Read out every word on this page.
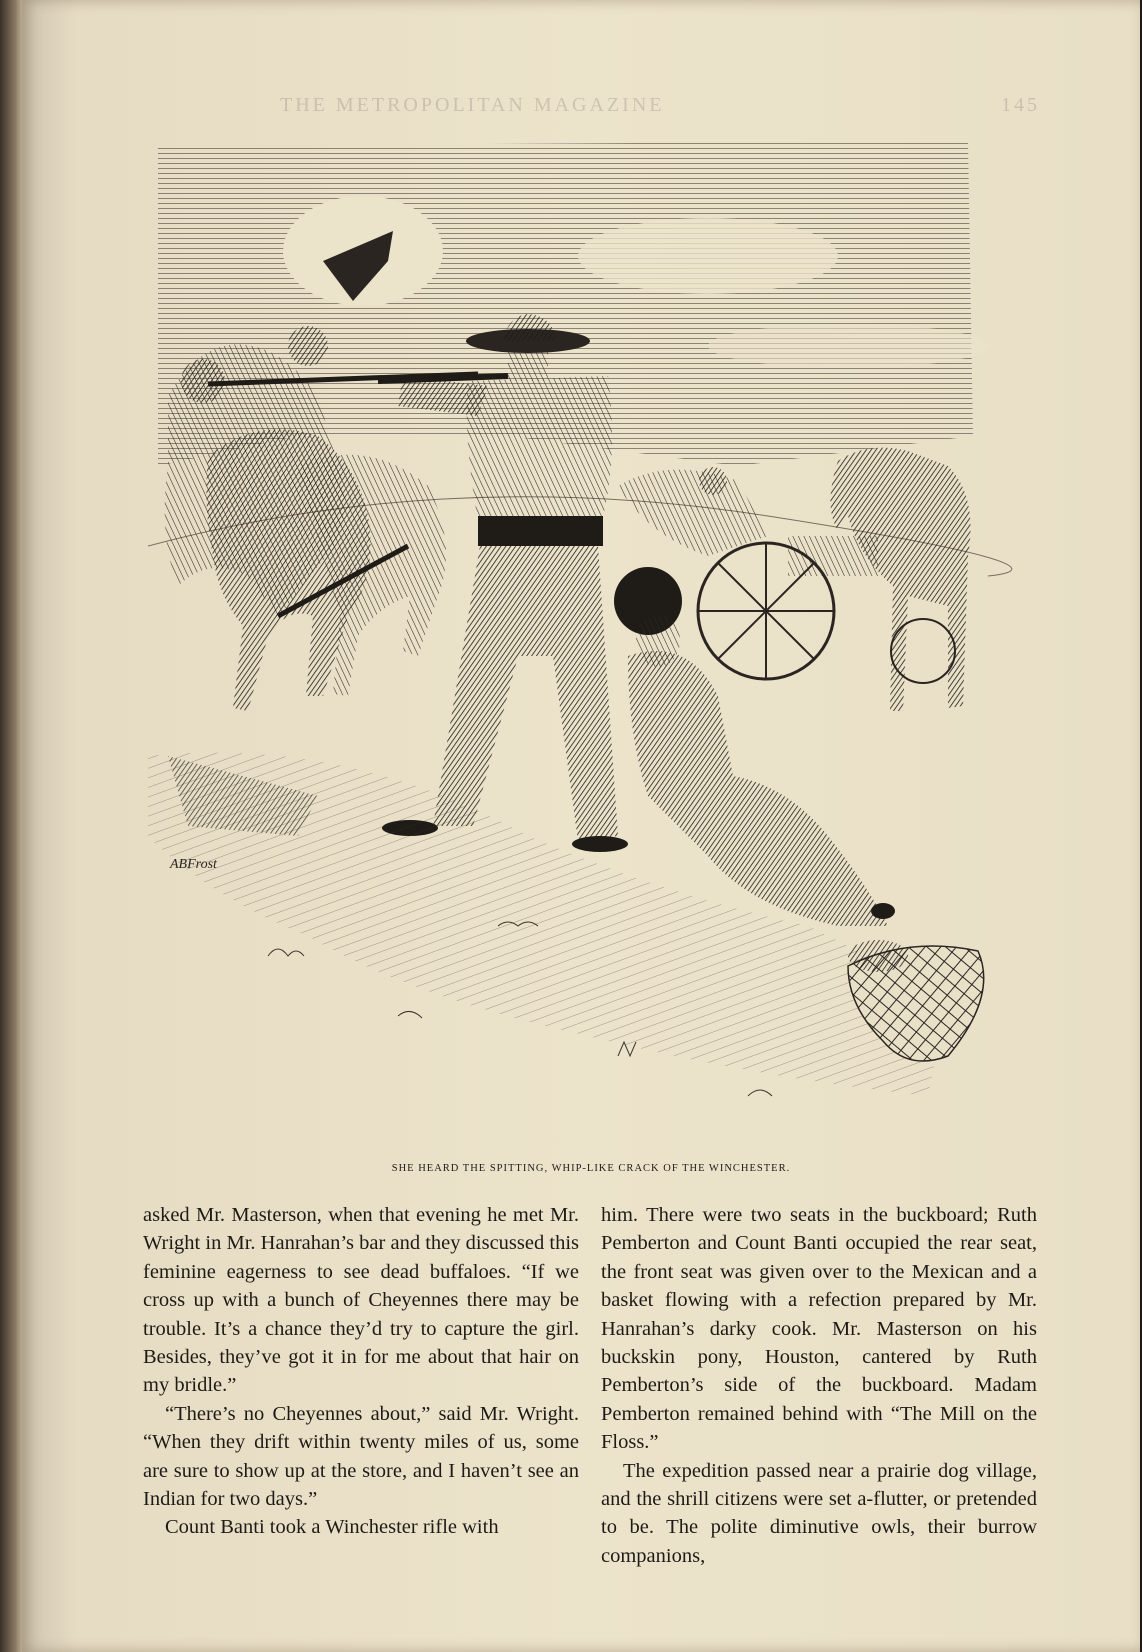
THE METROPOLITAN MAGAZINE	145
ABFrost
SHE HEARD THE SPITTING, WHIP-LIKE CRACK OF THE WINCHESTER.

asked Mr. Masterson, when that evening he met Mr. Wright in Mr. Hanrahan’s bar and they discussed this feminine eagerness to see dead buffaloes. “If we cross up with a bunch of Cheyennes there may be trouble. It’s a chance they’d try to capture the girl. Besides, they’ve got it in for me about that hair on my bridle.”

“There’s no Cheyennes about,” said Mr. Wright. “When they drift within twenty miles of us, some are sure to show up at the store, and I haven’t see an Indian for two days.”

Count Banti took a Winchester rifle with

him. There were two seats in the buckboard; Ruth Pemberton and Count Banti occupied the rear seat, the front seat was given over to the Mexican and a basket flowing with a refection prepared by Mr. Hanrahan’s darky cook. Mr. Masterson on his buckskin pony, Houston, cantered by Ruth Pemberton’s side of the buckboard. Madam Pemberton remained behind with “The Mill on the Floss.”

The expedition passed near a prairie dog village, and the shrill citizens were set a-flutter, or pretended to be. The polite diminutive owls, their burrow companions,
